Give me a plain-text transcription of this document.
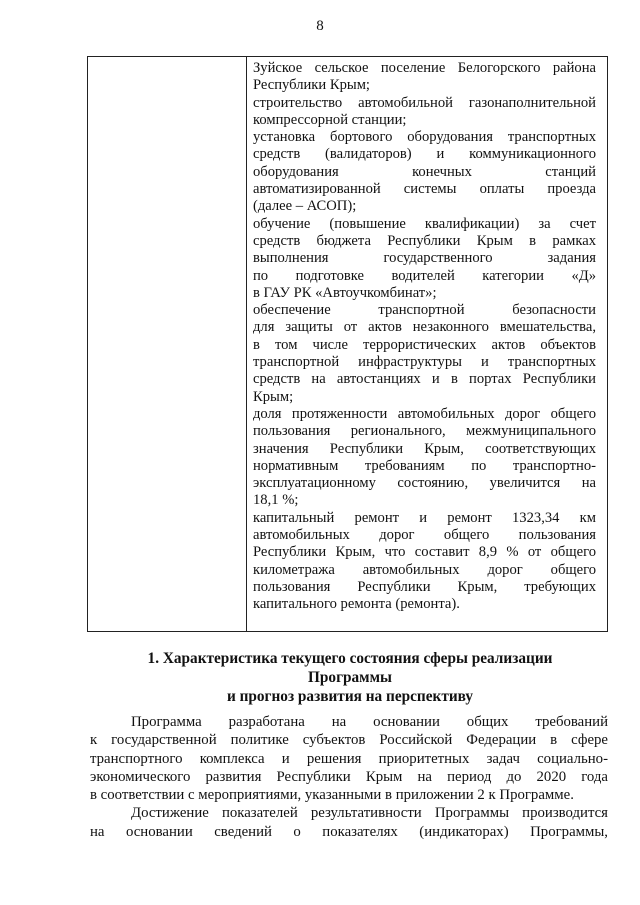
8
Зуйское сельское поселение Белогорского района
Республики Крым;
строительство автомобильной газонаполнительной
компрессорной станции;
установка бортового оборудования транспортных
средств (валидаторов) и коммуникационного
оборудования конечных станций
автоматизированной системы оплаты проезда
(далее – АСОП);
обучение (повышение квалификации) за счет
средств бюджета Республики Крым в рамках
выполнения государственного задания
по подготовке водителей категории «Д»
в ГАУ РК «Автоучкомбинат»;
обеспечение транспортной безопасности
для защиты от актов незаконного вмешательства,
в том числе террористических актов объектов
транспортной инфраструктуры и транспортных
средств на автостанциях и в портах Республики
Крым;
доля протяженности автомобильных дорог общего
пользования регионального, межмуниципального
значения Республики Крым, соответствующих
нормативным требованиям по транспортно-
эксплуатационному состоянию, увеличится на
18,1 %;
капитальный ремонт и ремонт 1323,34 км
автомобильных дорог общего пользования
Республики Крым, что составит 8,9 % от общего
километража автомобильных дорог общего
пользования Республики Крым, требующих
капитального ремонта (ремонта).
1. Характеристика текущего состояния сферы реализации
Программы
и прогноз развития на перспективу
Программа разработана на основании общих требований
к государственной политике субъектов Российской Федерации в сфере
транспортного комплекса и решения приоритетных задач социально-
экономического развития Республики Крым на период до 2020 года
в соответствии с мероприятиями, указанными в приложении 2 к Программе.
Достижение показателей результативности Программы производится
на основании сведений о показателях (индикаторах) Программы,
